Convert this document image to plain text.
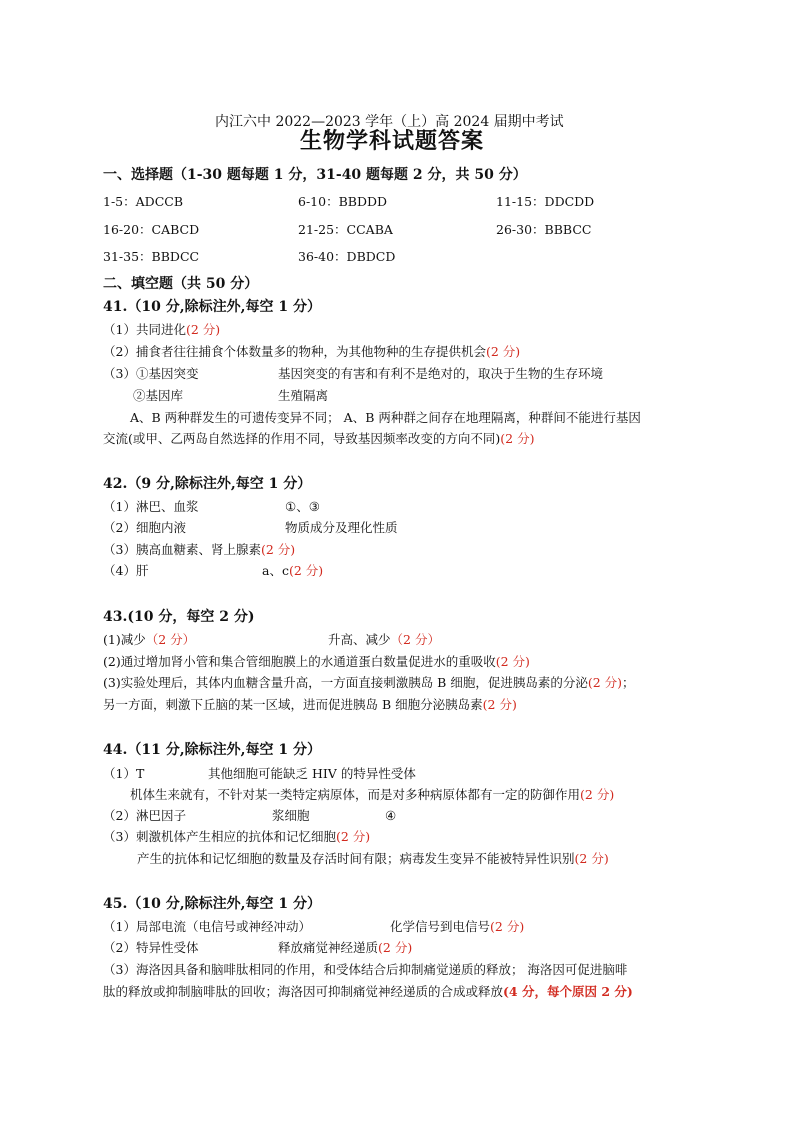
内江六中 2022—2023 学年（上）高 2024 届期中考试
生物学科试题答案
一、选择题（1-30 题每题 1 分，31-40 题每题 2 分，共 50 分）
1-5：ADCCB	6-10：BBDDD	11-15：DDCDD
16-20：CABCD	21-25：CCABA	26-30：BBBCC
31-35：BBDCC	36-40：DBDCD
二、填空题（共 50 分）
41.（10 分,除标注外,每空 1 分）
（1）共同进化(2 分)
（2）捕食者往往捕食个体数量多的物种，为其他物种的生存提供机会(2 分)
（3）①基因突变	基因突变的有害和有利不是绝对的，取决于生物的生存环境
②基因库	生殖隔离
A、B 两种群发生的可遗传变异不同； A、B 两种群之间存在地理隔离，种群间不能进行基因
交流(或甲、乙两岛自然选择的作用不同，导致基因频率改变的方向不同)(2 分)
42.（9 分,除标注外,每空 1 分）
（1）淋巴、血浆	①、③
（2）细胞内液	物质成分及理化性质
（3）胰高血糖素、肾上腺素(2 分)
（4）肝	a、c(2 分)
43.(10 分，每空 2 分)
(1)减少（2 分）	升高、减少（2 分）
(2)通过增加肾小管和集合管细胞膜上的水通道蛋白数量促进水的重吸收(2 分)
(3)实验处理后，其体内血糖含量升高，一方面直接刺激胰岛 B 细胞，促进胰岛素的分泌(2 分)；
另一方面，刺激下丘脑的某一区域，进而促进胰岛 B 细胞分泌胰岛素(2 分)
44.（11 分,除标注外,每空 1 分）
（1）T	其他细胞可能缺乏 HIV 的特异性受体
机体生来就有，不针对某一类特定病原体，而是对多种病原体都有一定的防御作用(2 分)
（2）淋巴因子	浆细胞	④
（3）刺激机体产生相应的抗体和记忆细胞(2 分)
产生的抗体和记忆细胞的数量及存活时间有限；病毒发生变异不能被特异性识别(2 分)
45.（10 分,除标注外,每空 1 分）
（1）局部电流（电信号或神经冲动）	化学信号到电信号(2 分)
（2）特异性受体	释放痛觉神经递质(2 分)
（3）海洛因具备和脑啡肽相同的作用，和受体结合后抑制痛觉递质的释放； 海洛因可促进脑啡
肽的释放或抑制脑啡肽的回收；海洛因可抑制痛觉神经递质的合成或释放(4 分，每个原因 2 分)
